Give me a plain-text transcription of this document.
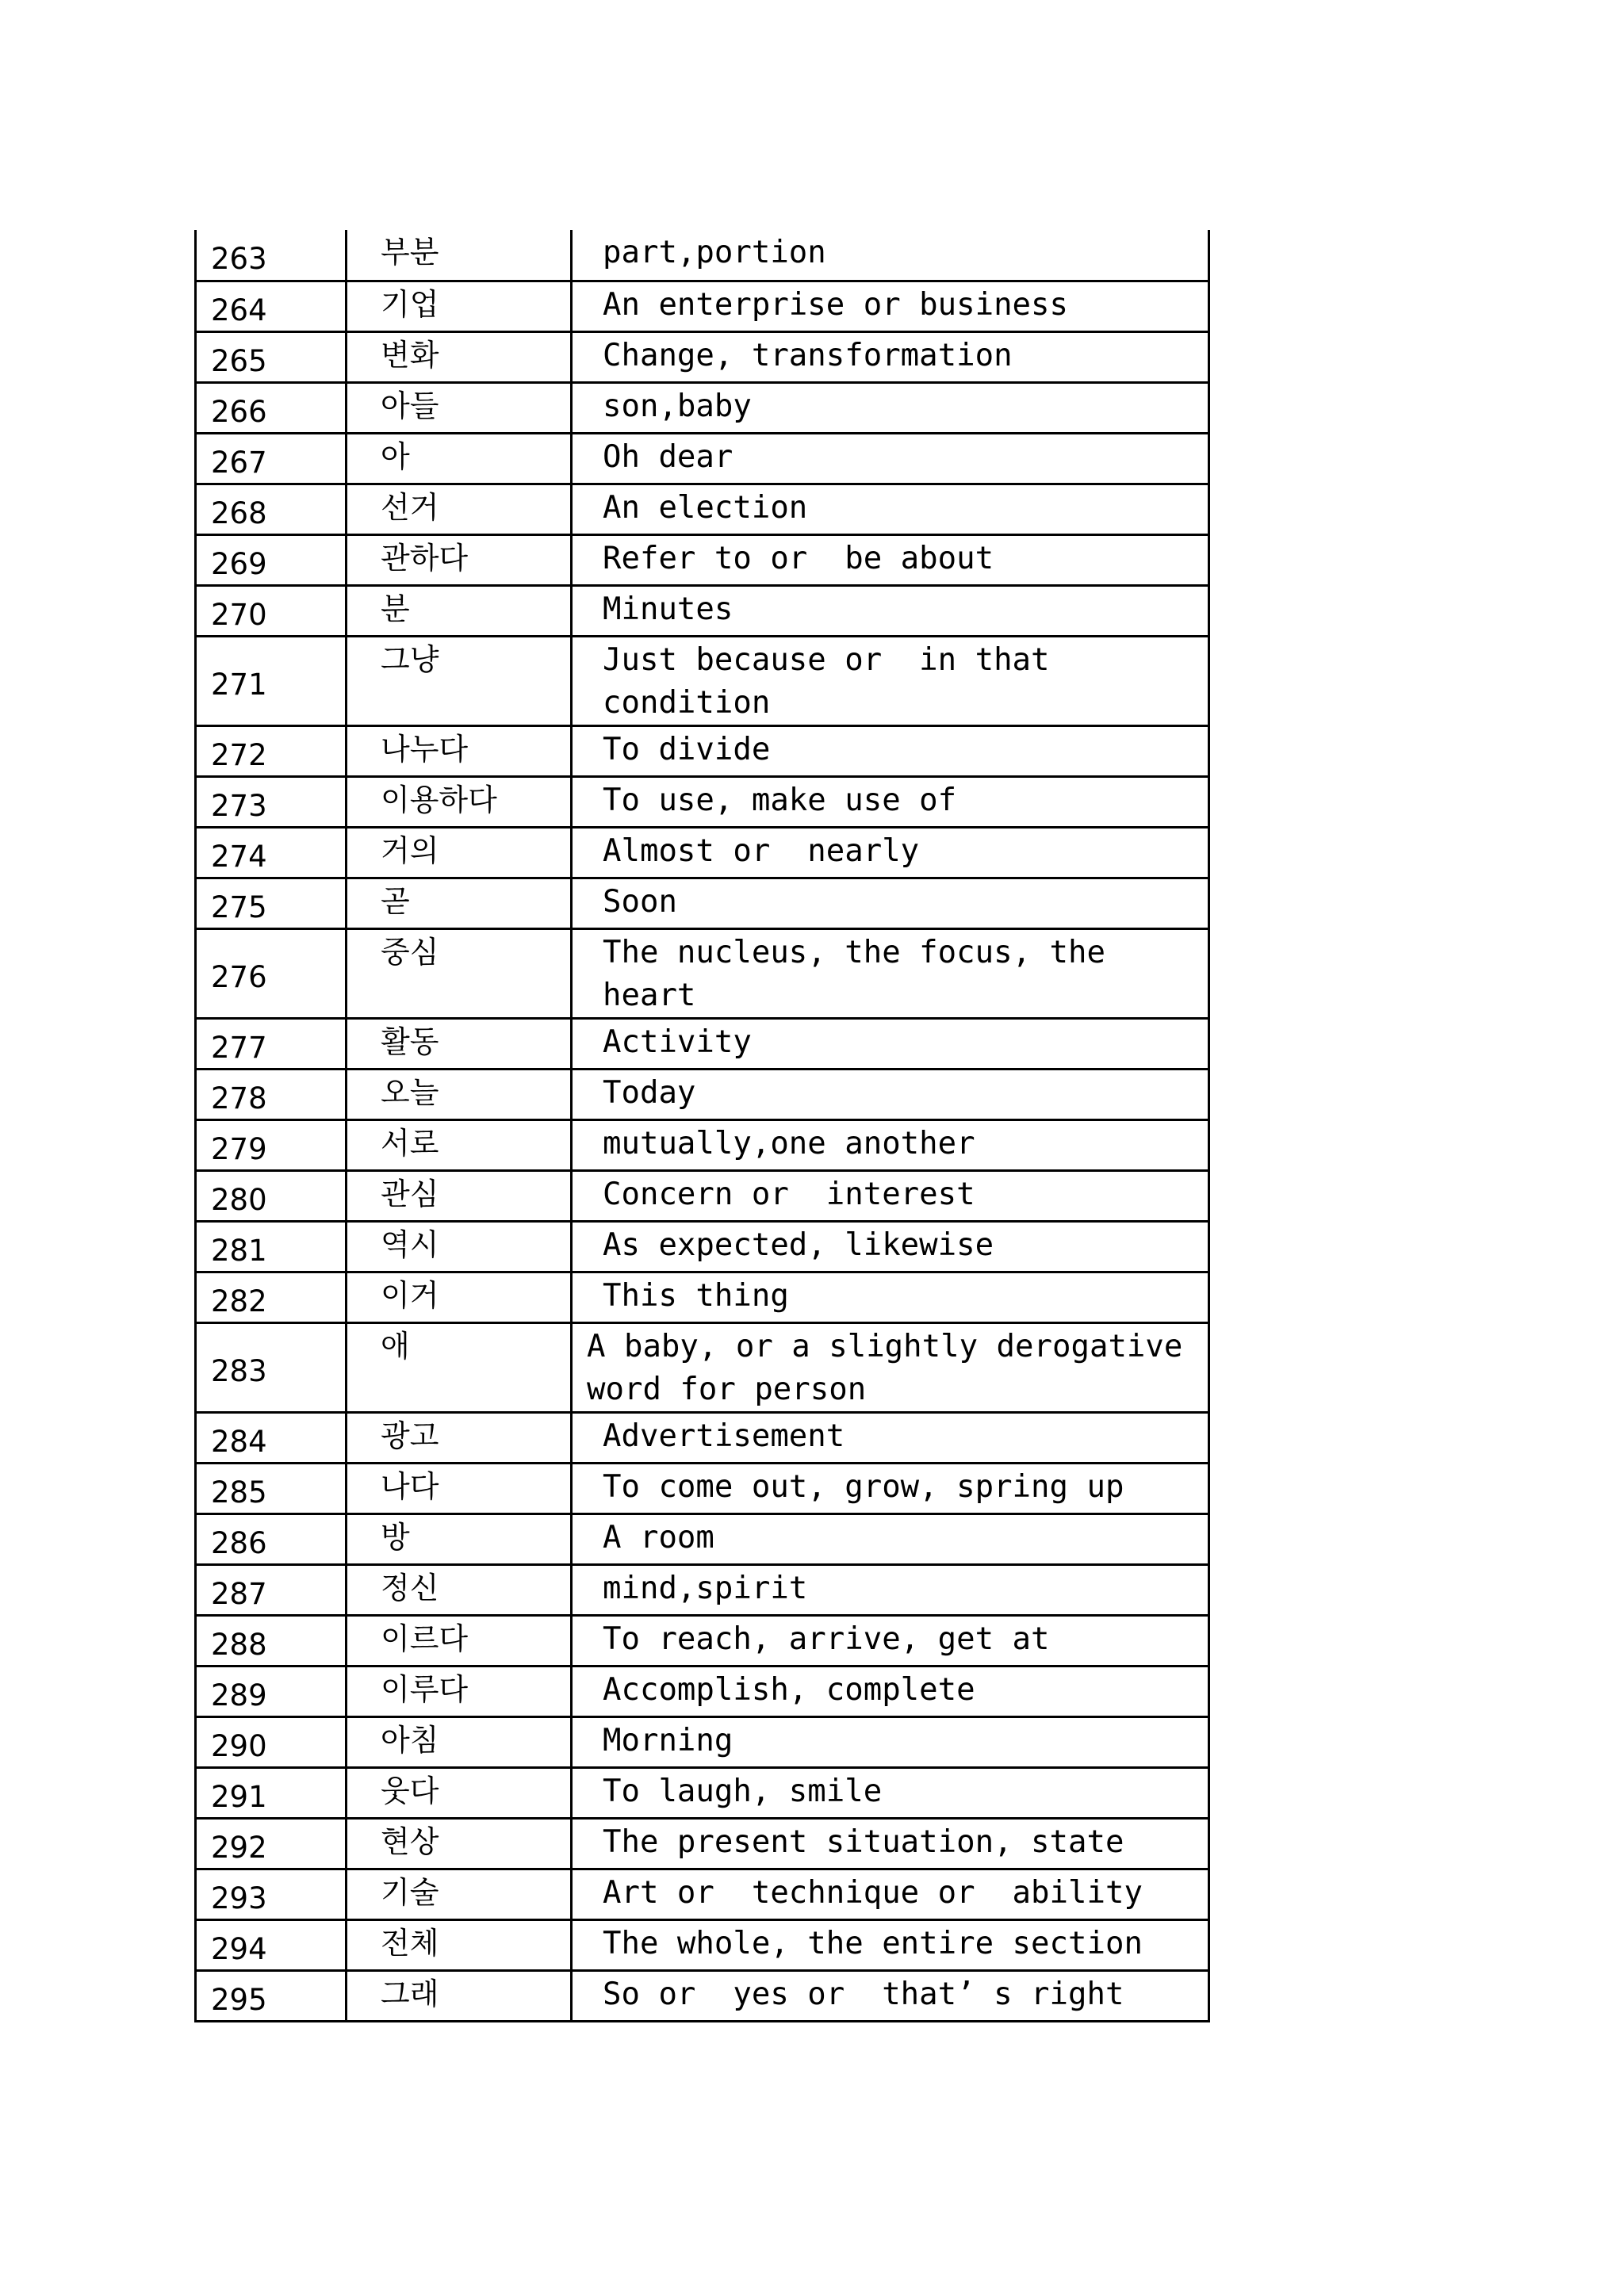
263	부분	part,portion
264	기업	An enterprise or business
265	변화	Change, transformation
266	아들	son,baby
267	아	Oh dear
268	선거	An election
269	관하다	Refer to or  be about
270	분	Minutes
271	그냥	Just because or  in that condition
272	나누다	To divide
273	이용하다	To use, make use of
274	거의	Almost or  nearly
275	곧	Soon
276	중심	The nucleus, the focus, the heart
277	활동	Activity
278	오늘	Today
279	서로	mutually,one another
280	관심	Concern or  interest
281	역시	As expected, likewise
282	이거	This thing
283	애	A baby, or a slightly derogative word for person
284	광고	Advertisement
285	나다	To come out, grow, spring up
286	방	A room
287	정신	mind,spirit
288	이르다	To reach, arrive, get at
289	이루다	Accomplish, complete
290	아침	Morning
291	웃다	To laugh, smile
292	현상	The present situation, state
293	기술	Art or  technique or  ability
294	전체	The whole, the entire section
295	그래	So or  yes or  that’ s right
